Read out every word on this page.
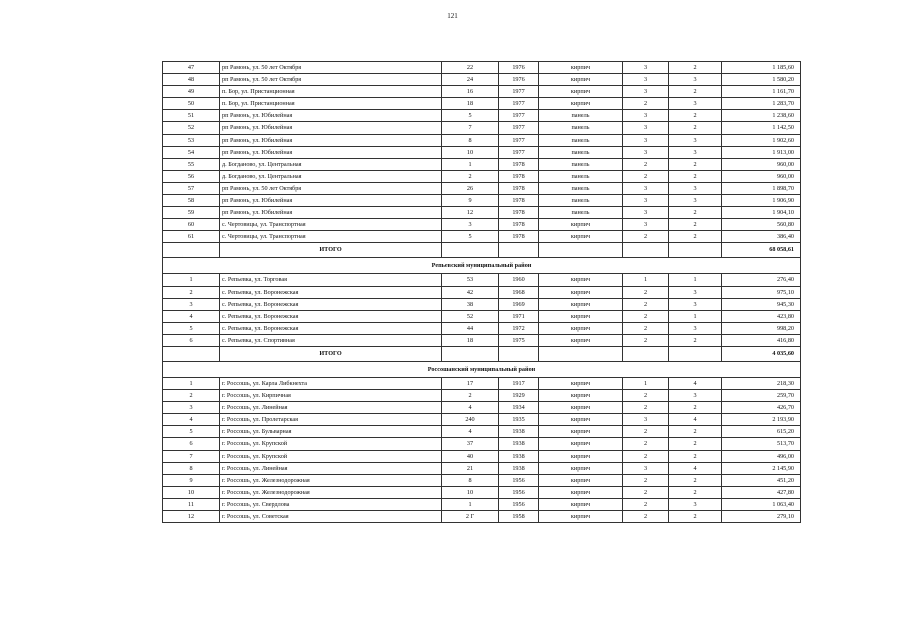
121
47	рп Рамонь, ул. 50 лет Октября	22	1976	кирпич	3	2	1 185,60
48	рп Рамонь, ул. 50 лет Октября	24	1976	кирпич	3	3	1 580,20
49	п. Бор, ул. Пристанционная	16	1977	кирпич	3	2	1 161,70
50	п. Бор, ул. Пристанционная	18	1977	кирпич	2	3	1 283,70
51	рп Рамонь, ул. Юбилейная	5	1977	панель	3	2	1 238,60
52	рп Рамонь, ул. Юбилейная	7	1977	панель	3	2	1 142,50
53	рп Рамонь, ул. Юбилейная	8	1977	панель	3	3	1 902,60
54	рп Рамонь, ул. Юбилейная	10	1977	панель	3	3	1 913,00
55	д. Богданово, ул. Центральная	1	1978	панель	2	2	960,00
56	д. Богданово, ул. Центральная	2	1978	панель	2	2	960,00
57	рп Рамонь, ул. 50 лет Октября	26	1978	панель	3	3	1 898,70
58	рп Рамонь, ул. Юбилейная	9	1978	панель	3	3	1 906,90
59	рп Рамонь, ул. Юбилейная	12	1978	панель	3	2	1 904,10
60	с. Чертовицы, ул. Транспортная	3	1978	кирпич	3	2	560,80
61	с. Чертовицы, ул. Транспортная	5	1978	кирпич	2	2	386,40
	ИТОГО						68 058,61
Репьевский муниципальный район							
1	с. Репьевка, ул. Торговая	53	1960	кирпич	1	1	276,40
2	с. Репьевка, ул. Воронежская	42	1968	кирпич	2	3	975,10
3	с. Репьевка, ул. Воронежская	38	1969	кирпич	2	3	945,30
4	с. Репьевка, ул. Воронежская	52	1971	кирпич	2	1	423,80
5	с. Репьевка, ул. Воронежская	44	1972	кирпич	2	3	998,20
6	с. Репьевка, ул. Спортивная	18	1975	кирпич	2	2	416,80
	ИТОГО						4 035,60
Россошанский муниципальный район							
1	г. Россошь, ул. Карла Либкнехта	17	1917	кирпич	1	4	218,30
2	г. Россошь, ул. Кирпичная	2	1929	кирпич	2	3	259,70
3	г. Россошь, ул. Линейная	4	1934	кирпич	2	2	426,70
4	г. Россошь, ул. Пролетарская	240	1935	кирпич	3	4	2 193,90
5	г. Россошь, ул. Бульварная	4	1938	кирпич	2	2	615,20
6	г. Россошь, ул. Крупской	37	1938	кирпич	2	2	513,70
7	г. Россошь, ул. Крупской	40	1938	кирпич	2	2	496,00
8	г. Россошь, ул. Линейная	21	1938	кирпич	3	4	2 145,90
9	г. Россошь, ул. Железнодорожная	8	1956	кирпич	2	2	451,20
10	г. Россошь, ул. Железнодорожная	10	1956	кирпич	2	2	427,80
11	г. Россошь, ул. Свердлова	1	1956	кирпич	2	3	1 063,40
12	г. Россошь, ул. Советская	2 Г	1958	кирпич	2	2	279,10
